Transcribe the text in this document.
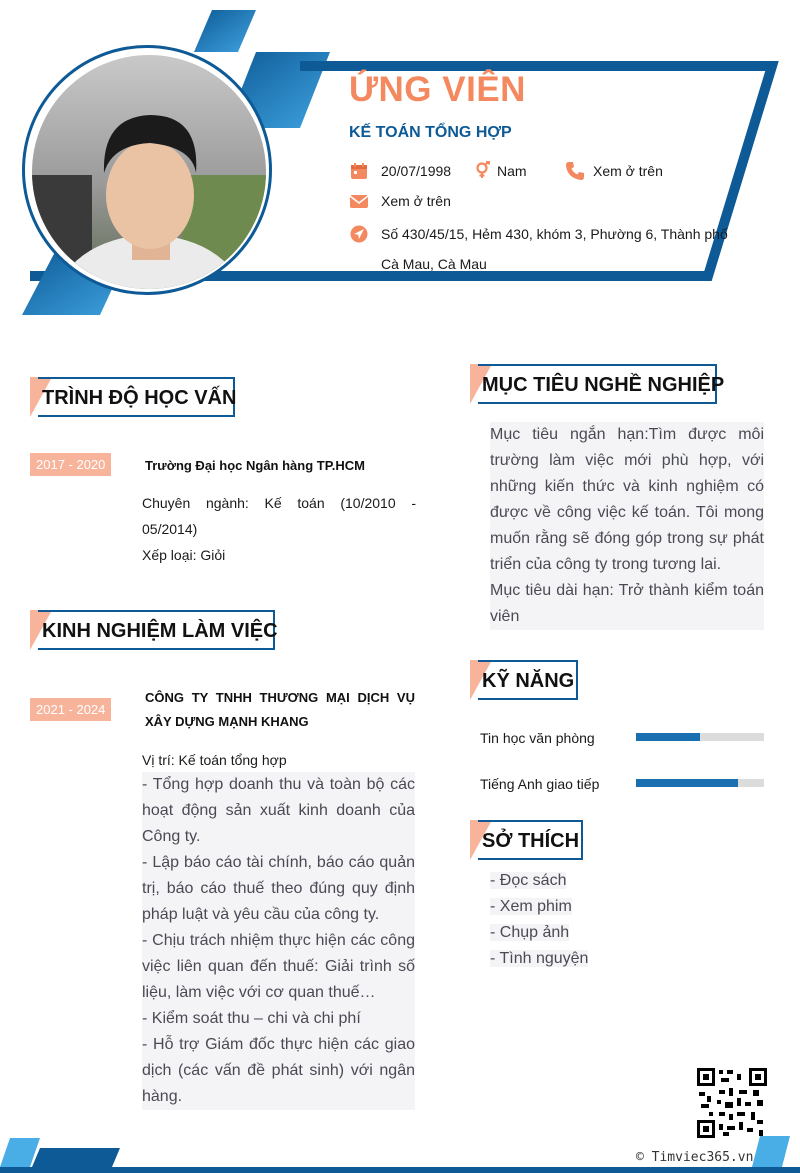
ỨNG VIÊN
KẾ TOÁN TỔNG HỢP
20/07/1998	Nam	Xem ở trên
Xem ở trên
Số 430/45/15, Hẻm 430, khóm 3, Phường 6, Thành phố
Cà Mau, Cà Mau
TRÌNH ĐỘ HỌC VẤN
2017 - 2020	Trường Đại học Ngân hàng TP.HCM
Chuyên ngành: Kế toán (10/2010 -
05/2014)
Xếp loại: Giỏi
KINH NGHIỆM LÀM VIỆC
2021 - 2024
CÔNG TY TNHH THƯƠNG MẠI DỊCH VỤ
XÂY DỰNG MẠNH KHANG
Vị trí: Kế toán tổng hợp
- Tổng hợp doanh thu và toàn bộ các hoạt động sản xuất kinh doanh của Công ty.
- Lập báo cáo tài chính, báo cáo quản trị, báo cáo thuế theo đúng quy định pháp luật và yêu cầu của công ty.
- Chịu trách nhiệm thực hiện các công việc liên quan đến thuế: Giải trình số liệu, làm việc với cơ quan thuế…
- Kiểm soát thu – chi và chi phí
- Hỗ trợ Giám đốc thực hiện các giao dịch (các vấn đề phát sinh) với ngân hàng.
MỤC TIÊU NGHỀ NGHIỆP
Mục tiêu ngắn hạn:Tìm được môi trường làm việc mới phù hợp, với những kiến thức và kinh nghiệm có được về công việc kế toán. Tôi mong muốn rằng sẽ đóng góp trong sự phát triển của công ty trong tương lai.
Mục tiêu dài hạn: Trở thành kiểm toán viên
KỸ NĂNG
Tin học văn phòng
Tiếng Anh giao tiếp
SỞ THÍCH
- Đọc sách
- Xem phim
- Chụp ảnh
- Tình nguyện
© Timviec365.vn
